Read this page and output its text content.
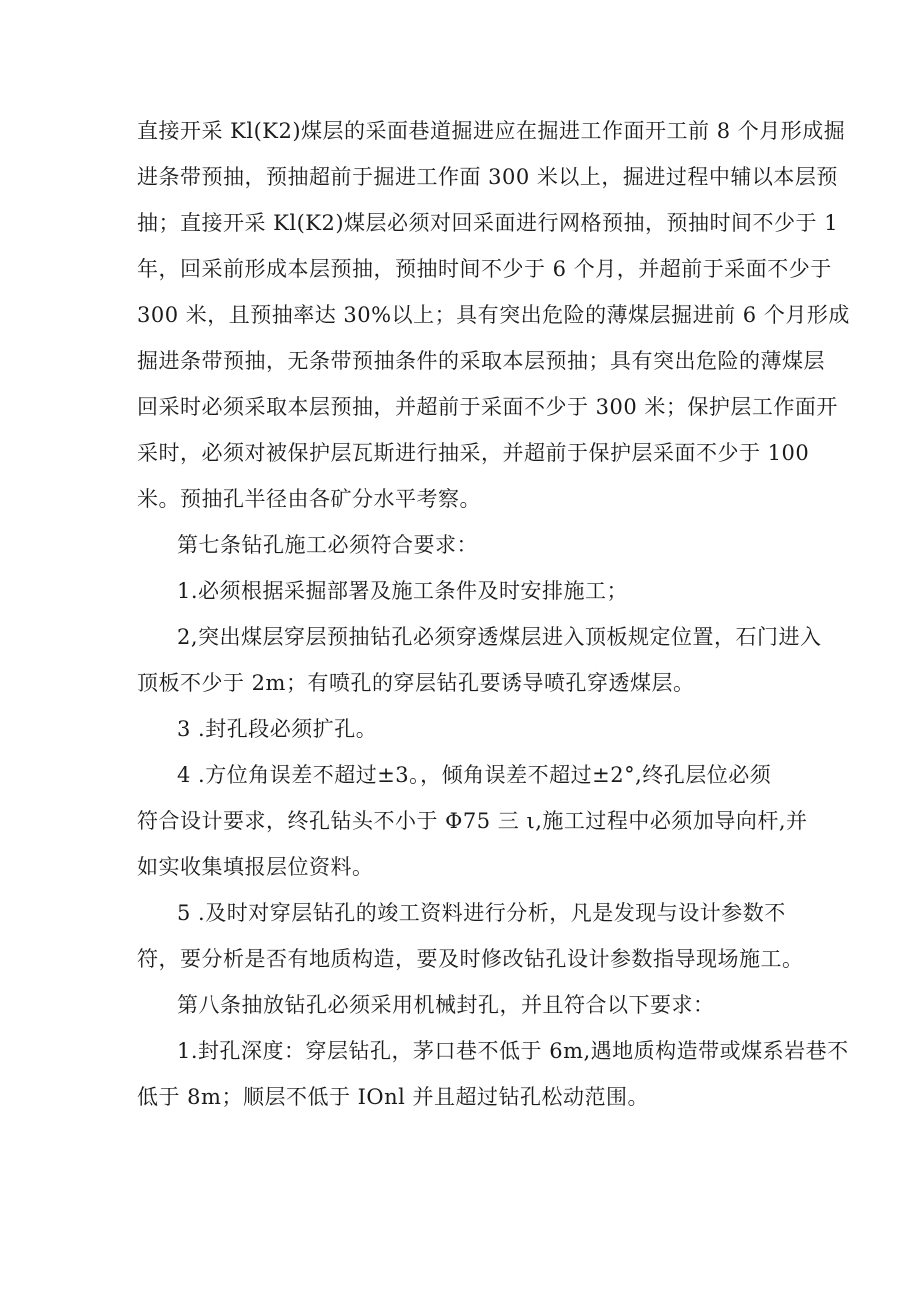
直接开采 Kl(K2)煤层的采面巷道掘进应在掘进工作面开工前 8 个月形成掘
进条带预抽，预抽超前于掘进工作面 300 米以上，掘进过程中辅以本层预
抽；直接开采 Kl(K2)煤层必须对回采面进行网格预抽，预抽时间不少于 1
年，回采前形成本层预抽，预抽时间不少于 6 个月，并超前于采面不少于
300 米，且预抽率达 30%以上；具有突出危险的薄煤层掘进前 6 个月形成
掘进条带预抽，无条带预抽条件的采取本层预抽；具有突出危险的薄煤层
回采时必须采取本层预抽，并超前于采面不少于 300 米；保护层工作面开
采时，必须对被保护层瓦斯进行抽采，并超前于保护层采面不少于 100
米。预抽孔半径由各矿分水平考察。
第七条钻孔施工必须符合要求：
1.必须根据采掘部署及施工条件及时安排施工；
2,突出煤层穿层预抽钻孔必须穿透煤层进入顶板规定位置，石门进入
顶板不少于 2m；有喷孔的穿层钻孔要诱导喷孔穿透煤层。
3 .封孔段必须扩孔。
4 .方位角误差不超过±3。，倾角误差不超过±2°,终孔层位必须
符合设计要求，终孔钻头不小于 Φ75 三 ι,施工过程中必须加导向杆,并
如实收集填报层位资料。
5 .及时对穿层钻孔的竣工资料进行分析，凡是发现与设计参数不
符，要分析是否有地质构造，要及时修改钻孔设计参数指导现场施工。
第八条抽放钻孔必须采用机械封孔，并且符合以下要求：
1.封孔深度：穿层钻孔，茅口巷不低于 6m,遇地质构造带或煤系岩巷不
低于 8m；顺层不低于 IOnl 并且超过钻孔松动范围。
